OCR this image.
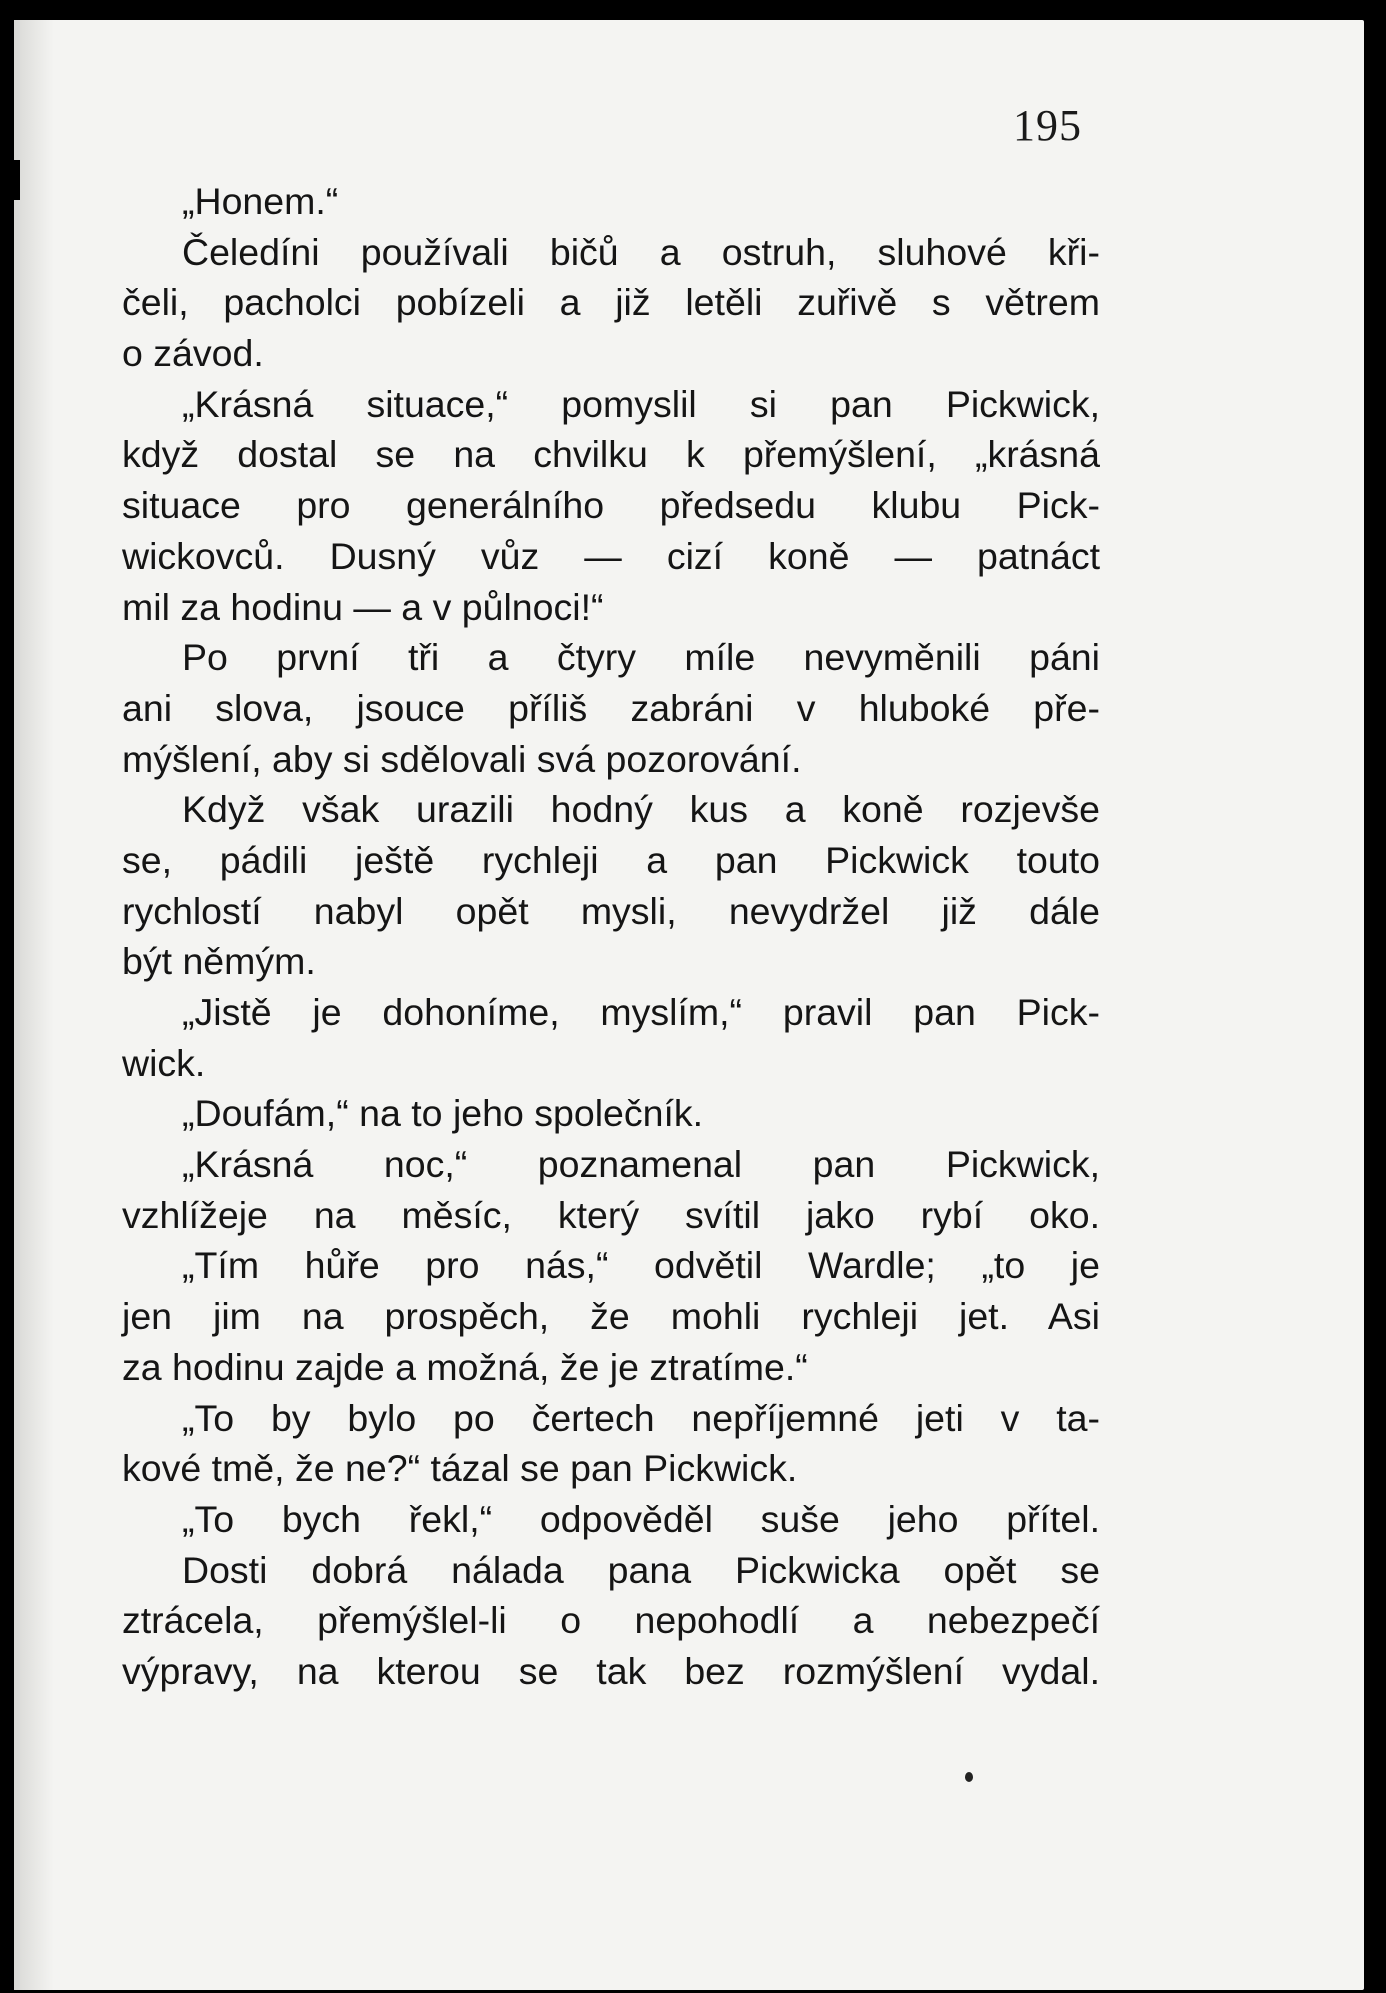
195
„Honem.“
Čeledíni používali bičů a ostruh, sluhové kři-
čeli, pacholci pobízeli a již letěli zuřivě s větrem
o závod.
„Krásná situace,“ pomyslil si pan Pickwick,
když dostal se na chvilku k přemýšlení, „krásná
situace pro generálního předsedu klubu Pick-
wickovců. Dusný vůz — cizí koně — patnáct
mil za hodinu — a v půlnoci!“
Po první tři a čtyry míle nevyměnili páni
ani slova, jsouce příliš zabráni v hluboké pře-
mýšlení, aby si sdělovali svá pozorování.
Když však urazili hodný kus a koně rozjevše
se, pádili ještě rychleji a pan Pickwick touto
rychlostí nabyl opět mysli, nevydržel již dále
být němým.
„Jistě je dohoníme, myslím,“ pravil pan Pick-
wick.
„Doufám,“ na to jeho společník.
„Krásná noc,“ poznamenal pan Pickwick,
vzhlížeje na měsíc, který svítil jako rybí oko.
„Tím hůře pro nás,“ odvětil Wardle; „to je
jen jim na prospěch, že mohli rychleji jet. Asi
za hodinu zajde a možná, že je ztratíme.“
„To by bylo po čertech nepříjemné jeti v ta-
kové tmě, že ne?“ tázal se pan Pickwick.
„To bych řekl,“ odpověděl suše jeho přítel.
Dosti dobrá nálada pana Pickwicka opět se
ztrácela, přemýšlel-li o nepohodlí a nebezpečí
výpravy, na kterou se tak bez rozmýšlení vydal.
